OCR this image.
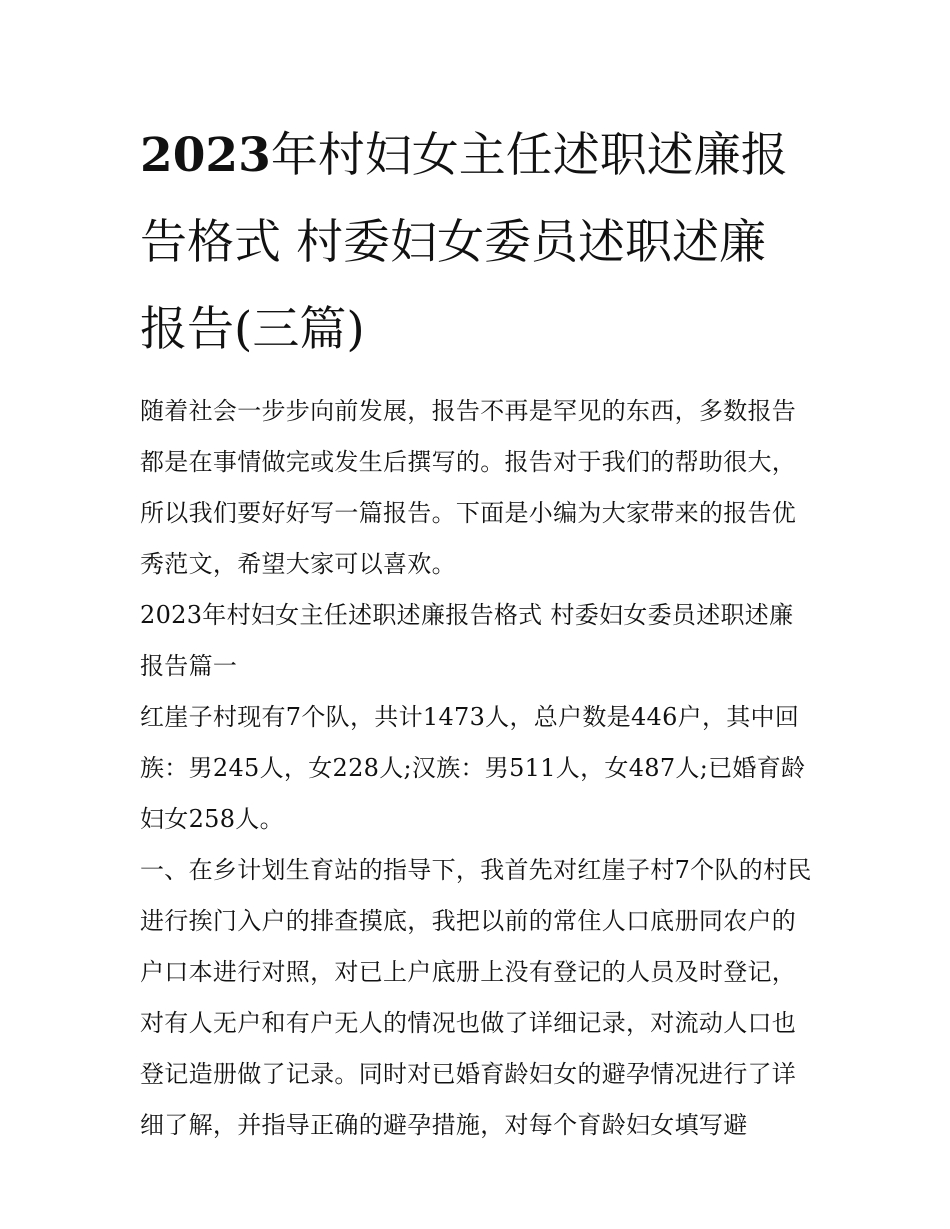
2023年村妇女主任述职述廉报告格式 村委妇女委员述职述廉报告(三篇)

随着社会一步步向前发展，报告不再是罕见的东西，多数报告都是在事情做完或发生后撰写的。报告对于我们的帮助很大，所以我们要好好写一篇报告。下面是小编为大家带来的报告优秀范文，希望大家可以喜欢。

2023年村妇女主任述职述廉报告格式 村委妇女委员述职述廉报告篇一

红崖子村现有7个队，共计1473人，总户数是446户，其中回族：男245人，女228人;汉族：男511人，女487人;已婚育龄妇女258人。

一、在乡计划生育站的指导下，我首先对红崖子村7个队的村民进行挨门入户的排查摸底，我把以前的常住人口底册同农户的户口本进行对照，对已上户底册上没有登记的人员及时登记，对有人无户和有户无人的情况也做了详细记录，对流动人口也登记造册做了记录。同时对已婚育龄妇女的避孕情况进行了详细了解，并指导正确的避孕措施，对每个育龄妇女填写避
